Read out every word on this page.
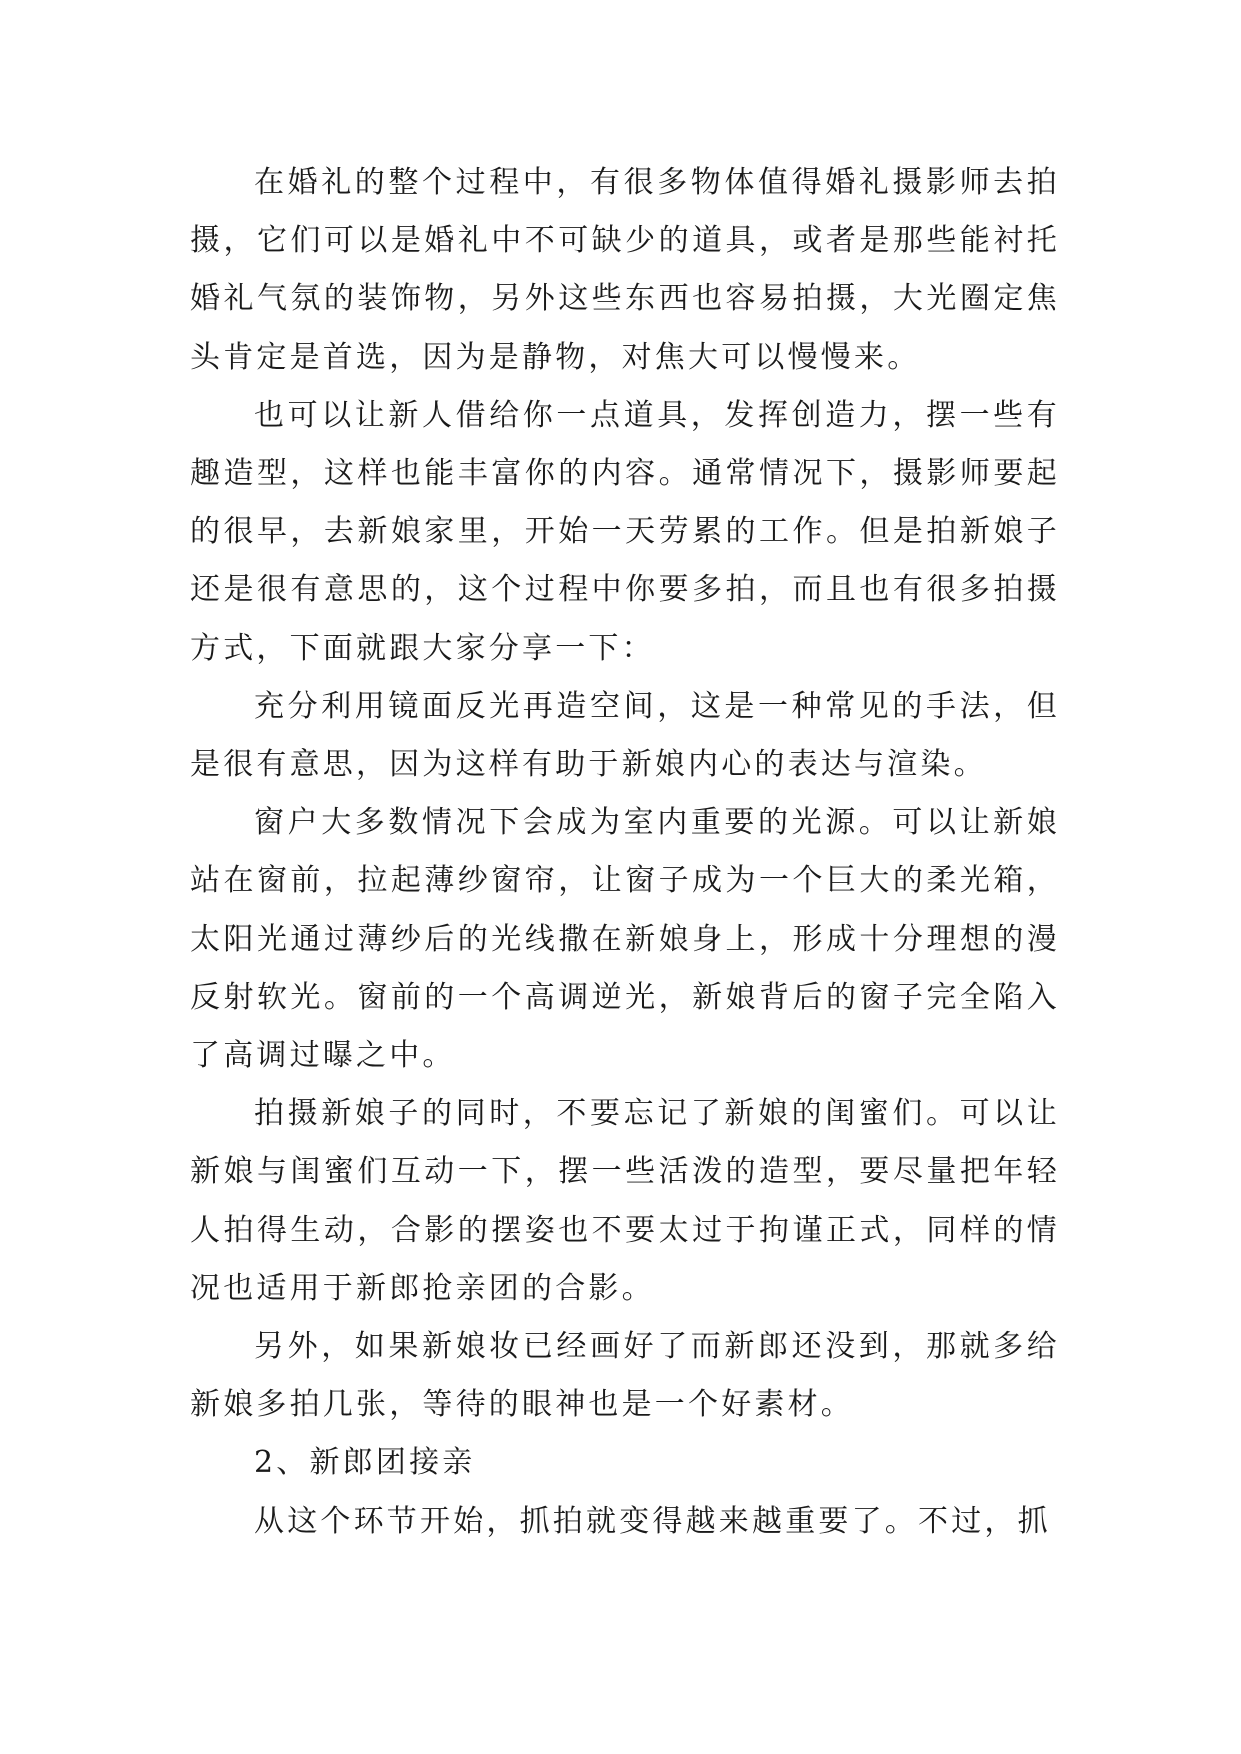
在婚礼的整个过程中，有很多物体值得婚礼摄影师去拍摄，它们可以是婚礼中不可缺少的道具，或者是那些能衬托婚礼气氛的装饰物，另外这些东西也容易拍摄，大光圈定焦头肯定是首选，因为是静物，对焦大可以慢慢来。

也可以让新人借给你一点道具，发挥创造力，摆一些有趣造型，这样也能丰富你的内容。通常情况下，摄影师要起的很早，去新娘家里，开始一天劳累的工作。但是拍新娘子还是很有意思的，这个过程中你要多拍，而且也有很多拍摄方式，下面就跟大家分享一下：

充分利用镜面反光再造空间，这是一种常见的手法，但是很有意思，因为这样有助于新娘内心的表达与渲染。

窗户大多数情况下会成为室内重要的光源。可以让新娘站在窗前，拉起薄纱窗帘，让窗子成为一个巨大的柔光箱，太阳光通过薄纱后的光线撒在新娘身上，形成十分理想的漫反射软光。窗前的一个高调逆光，新娘背后的窗子完全陷入了高调过曝之中。

拍摄新娘子的同时，不要忘记了新娘的闺蜜们。可以让新娘与闺蜜们互动一下，摆一些活泼的造型，要尽量把年轻人拍得生动，合影的摆姿也不要太过于拘谨正式，同样的情况也适用于新郎抢亲团的合影。

另外，如果新娘妆已经画好了而新郎还没到，那就多给新娘多拍几张，等待的眼神也是一个好素材。

2、新郎团接亲

从这个环节开始，抓拍就变得越来越重要了。不过，抓
